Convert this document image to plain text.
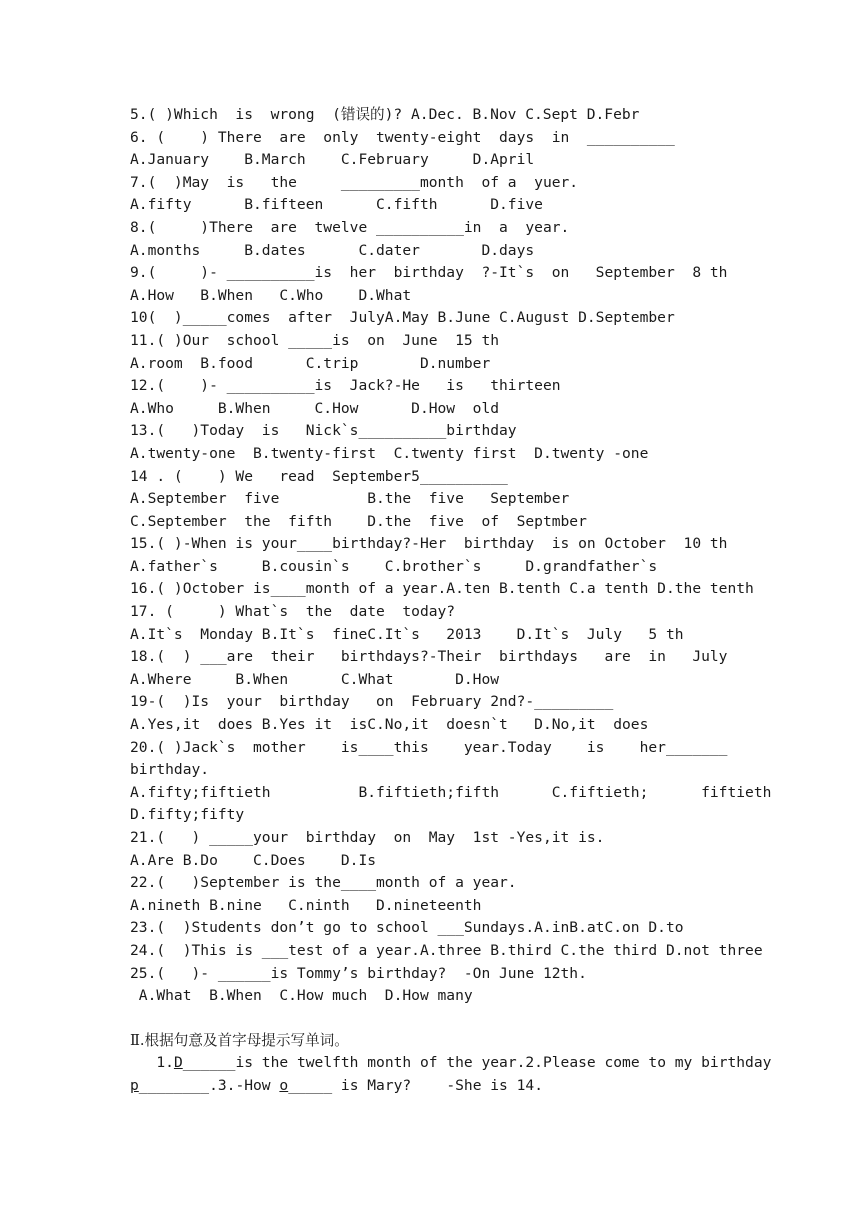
5.( )Which  is  wrong  (错误的)? A.Dec. B.Nov C.Sept D.Febr
6. (    ) There  are  only  twenty-eight  days  in  __________
A.January    B.March    C.February     D.April
7.(  )May  is   the     _________month  of a  yuer.
A.fifty      B.fifteen      C.fifth      D.five
8.(     )There  are  twelve __________in  a  year.
A.months     B.dates      C.dater       D.days
9.(     )- __________is  her  birthday  ?-It`s  on   September  8 th
A.How   B.When   C.Who    D.What
10(  )_____comes  after  JulyA.May B.June C.August D.September
11.( )Our  school _____is  on  June  15 th
A.room  B.food      C.trip       D.number
12.(    )- __________is  Jack?-He   is   thirteen
A.Who     B.When     C.How      D.How  old
13.(   )Today  is   Nick`s__________birthday
A.twenty-one  B.twenty-first  C.twenty first  D.twenty -one
14 . (    ) We   read  September5__________
A.September  five          B.the  five   September
C.September  the  fifth    D.the  five  of  Septmber
15.( )-When is your____birthday?-Her  birthday  is on October  10 th
A.father`s     B.cousin`s    C.brother`s     D.grandfather`s
16.( )October is____month of a year.A.ten B.tenth C.a tenth D.the tenth
17. (     ) What`s  the  date  today?
A.It`s  Monday B.It`s  fineC.It`s   2013    D.It`s  July   5 th
18.(  ) ___are  their   birthdays?-Their  birthdays   are  in   July
A.Where     B.When      C.What       D.How
19-(  )Is  your  birthday   on  February 2nd?-_________
A.Yes,it  does B.Yes it  isC.No,it  doesn`t   D.No,it  does
20.( )Jack`s  mother    is____this    year.Today    is    her_______
birthday.
A.fifty;fiftieth          B.fiftieth;fifth      C.fiftieth;      fiftieth
D.fifty;fifty
21.(   ) _____your  birthday  on  May  1st -Yes,it is.
A.Are B.Do    C.Does    D.Is
22.(   )September is the____month of a year.
A.nineth B.nine   C.ninth   D.nineteenth
23.(  )Students don’t go to school ___Sundays.A.inB.atC.on D.to
24.(  )This is ___test of a year.A.three B.third C.the third D.not three
25.(   )- ______is Tommy’s birthday?  -On June 12th.
A.What  B.When  C.How much  D.How many
Ⅱ.根据句意及首字母提示写单词。
1.D______is the twelfth month of the year.2.Please come to my birthday
p________.3.-How o_____ is Mary?    -She is 14.
